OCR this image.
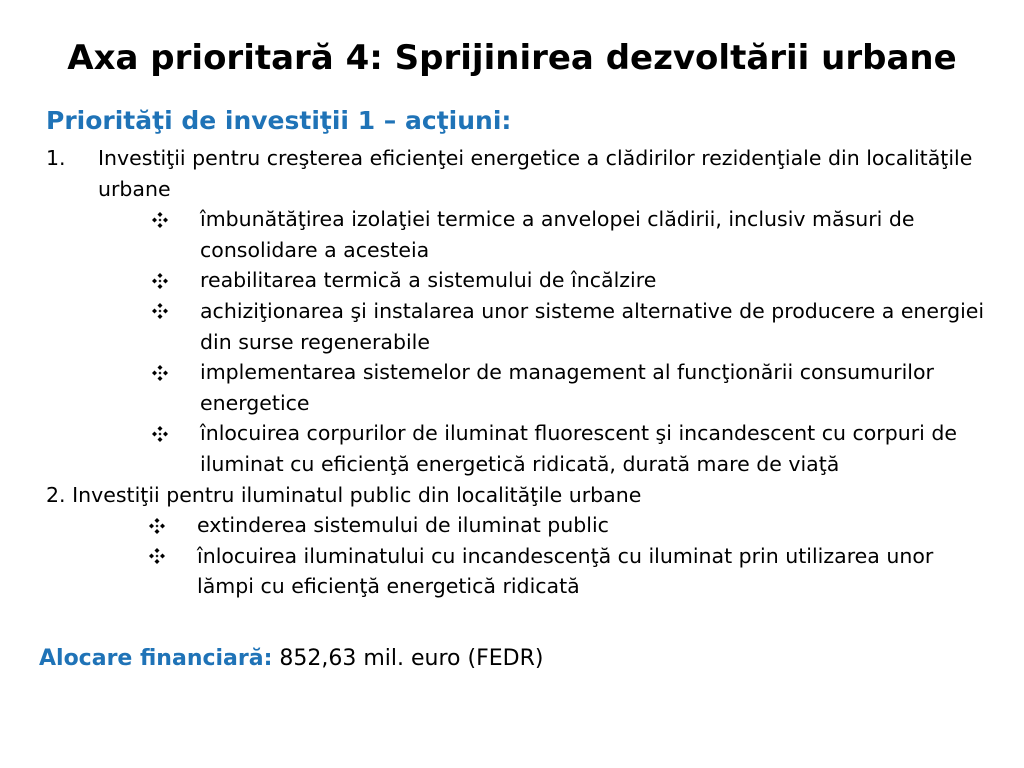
Axa prioritară 4: Sprijinirea dezvoltării urbane
Priorităţi de investiţii 1 – acţiuni:
1. Investiţii pentru creşterea eficienţei energetice a clădirilor rezidenţiale din localităţile urbane
îmbunătăţirea izolaţiei termice a anvelopei clădirii, inclusiv măsuri de consolidare a acesteia
reabilitarea termică a sistemului de încălzire
achiziţionarea şi instalarea unor sisteme alternative de producere a energiei din surse regenerabile
implementarea sistemelor de management al funcţionării consumurilor energetice
înlocuirea corpurilor de iluminat fluorescent şi incandescent cu corpuri de iluminat cu eficienţă energetică ridicată, durată mare de viaţă
2. Investiţii pentru iluminatul public din localităţile urbane
extinderea sistemului de iluminat public
înlocuirea iluminatului cu incandescenţă cu iluminat prin utilizarea unor lămpi cu eficienţă energetică ridicată
Alocare financiară: 852,63 mil. euro (FEDR)
